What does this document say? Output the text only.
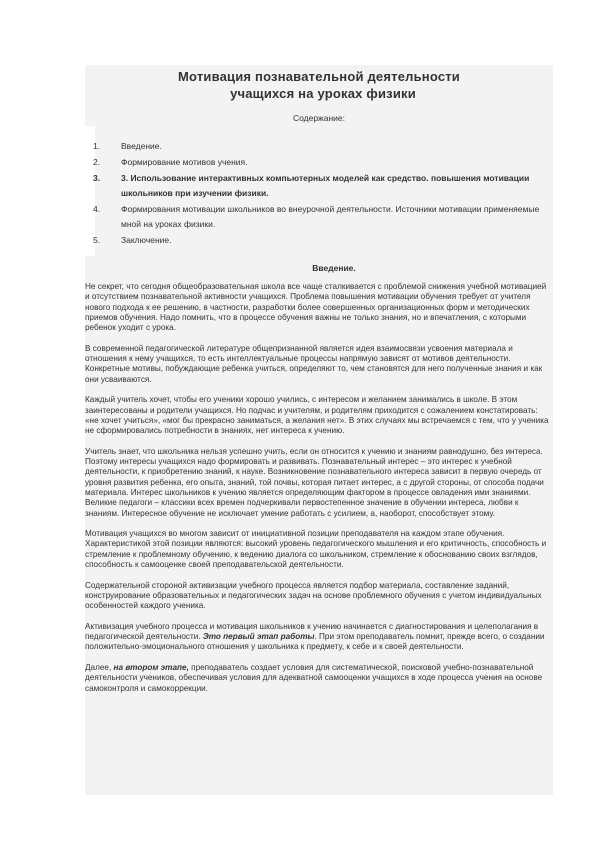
Мотивация познавательной деятельности
учащихся на уроках физики
Содержание:
1.	Введение.
2.	Формирование мотивов учения.
3.	3. Использование интерактивных компьютерных моделей как средство. повышения мотивации школьников при изучении физики.
4.	Формирования мотивации школьников во внеурочной деятельности. Источники мотивации применяемые мной на уроках физики.
5.	Заключение.
Введение.

Не секрет, что сегодня общеобразовательная школа все чаще сталкивается с проблемой снижения учебной мотивацией и отсутствием познавательной активности учащихся. Проблема повышения мотивации обучения требует от учителя нового подхода к ее решению, в частности, разработки более совершенных организационных форм и методических приемов обучения. Надо помнить, что в процессе обучения важны не только знания, но и впечатления, с которыми ребенок уходит с урока.

В современной педагогической литературе общепризнанной является идея взаимосвязи усвоения материала и отношения к нему учащихся, то есть интеллектуальные процессы напрямую зависят от мотивов деятельности. Конкретные мотивы, побуждающие ребенка учиться, определяют то, чем становятся для него полученные знания и как они усваиваются.

Каждый учитель хочет, чтобы его ученики хорошо учились, с интересом и желанием занимались в школе. В этом заинтересованы и родители учащихся. Но подчас и учителям, и родителям приходится с сожалением констатировать: «не хочет учиться», «мог бы прекрасно заниматься, а желания нет». В этих случаях мы встречаемся с тем, что у ученика не сформировались потребности в знаниях, нет интереса к учению.

Учитель знает, что школьника нельзя успешно учить, если он относится к учению и знаниям равнодушно, без интереса. Поэтому интересы учащихся надо формировать и развивать. Познавательный интерес – это интерес к учебной деятельности, к приобретению знаний, к науке. Возникновение познавательного интереса зависит в первую очередь от уровня развития ребенка, его опыта, знаний, той почвы, которая питает интерес, а с другой стороны, от способа подачи материала. Интерес школьников к учению является определяющим фактором в процессе овладения ими знаниями. Великие педагоги – классики всех времен подчеркивали первостепенное значение в обучении интереса, любви к знаниям. Интересное обучение не исключает умение работать с усилием, а, наоборот, способствует этому.

Мотивация учащихся во многом зависит от инициативной позиции преподавателя на каждом этапе обучения. Характеристикой этой позиции являются: высокий уровень педагогического мышления и его критичность, способность и стремление к проблемному обучению, к ведению диалога со школьником, стремление к обоснованию своих взглядов, способность к самооценке своей преподавательской деятельности.

Содержательной стороной активизации учебного процесса является подбор материала, составление заданий, конструирование образовательных и педагогических задач на основе проблемного обучения с учетом индивидуальных особенностей каждого ученика.

Активизация учебного процесса и мотивация школьников к учению начинается с диагностирования и целеполагания в педагогической деятельности. Это первый этап работы. При этом преподаватель помнит, прежде всего, о создании положительно-эмоционального отношения у школьника к предмету, к себе и к своей деятельности.

Далее, на втором этапе, преподаватель создает условия для систематической, поисковой учебно-познавательной деятельности учеников, обеспечивая условия для адекватной самооценки учащихся в ходе процесса учения на основе самоконтроля и самокоррекции.
